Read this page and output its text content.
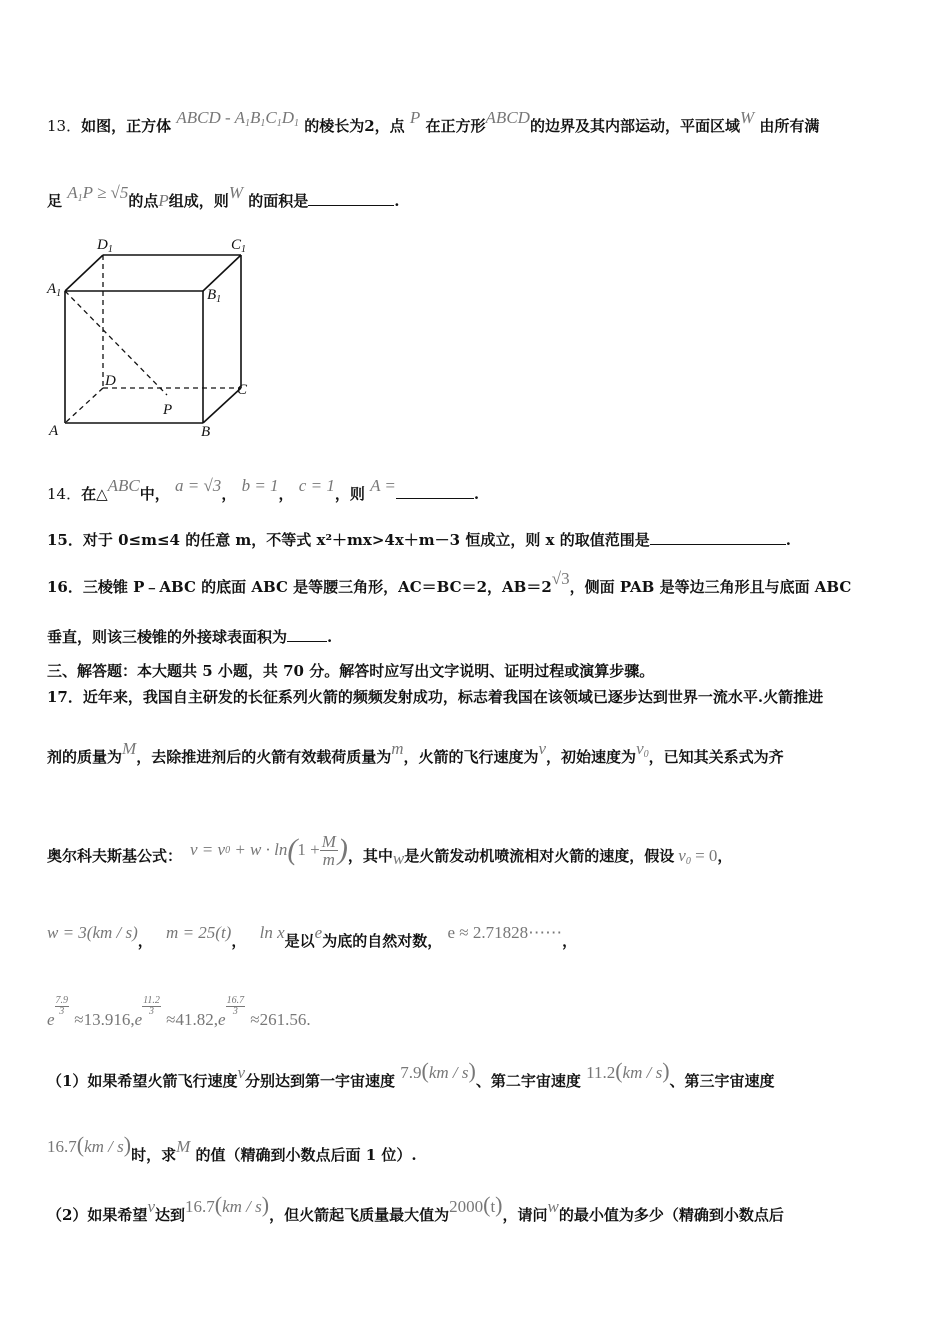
13．如图，正方体 ABCD - $A_1B_1C_1D_1$ 的棱长为2，点 P 在正方形ABCD的边界及其内部运动，平面区域W 由所有满
足 $A_1P \ge √5$的点P组成，则W 的面积是	.
$D_1$	$C_1$
$A_1$	$B_1$
D
C
P
A	B
14．在△ABC中， a = √3， b = 1， c = 1，则 A =	.
15．对于 0≤m≤4 的任意 m，不等式 x²＋mx>4x＋m－3 恒成立，则 x 的取值范围是	.
16．三棱锥 P﹣ABC 的底面 ABC 是等腰三角形，AC＝BC＝2，AB＝2√3，侧面 PAB 是等边三角形且与底面 ABC
垂直，则该三棱锥的外接球表面积为	.
三、解答题：本大题共 5 小题，共 70 分。解答时应写出文字说明、证明过程或演算步骤。
17．近年来，我国自主研发的长征系列火箭的频频发射成功，标志着我国在该领域已逐步达到世界一流水平.火箭推进
剂的质量为M，去除推进剂后的火箭有效载荷质量为m，火箭的飞行速度为v，初始速度为$v_0$，已知其关系式为齐
奥尔科夫斯基公式： v = v 0 + w · ln ( $1 + \frac{M}{m}$ ) ，其中 w 是火箭发动机喷流相对火箭的速度，假设 $v_0 = 0$ ，
w = 3(km / s)， m = 25(t)， ln x是以e为底的自然对数， e ≈ 2.71828⋯⋯，
e
7.9
3 ≈13.916, e
11.2
3 ≈41.82, e
16.7
3 ≈261.56.
（1）如果希望火箭飞行速度v分别达到第一宇宙速度 7.9(km / s)、第二宇宙速度 11.2(km / s)、第三宇宙速度
16.7(km / s)时，求M 的值（精确到小数点后面 1 位）.
（2）如果希望v达到16.7(km / s)，但火箭起飞质量最大值为2000(t)，请问w的最小值为多少（精确到小数点后
